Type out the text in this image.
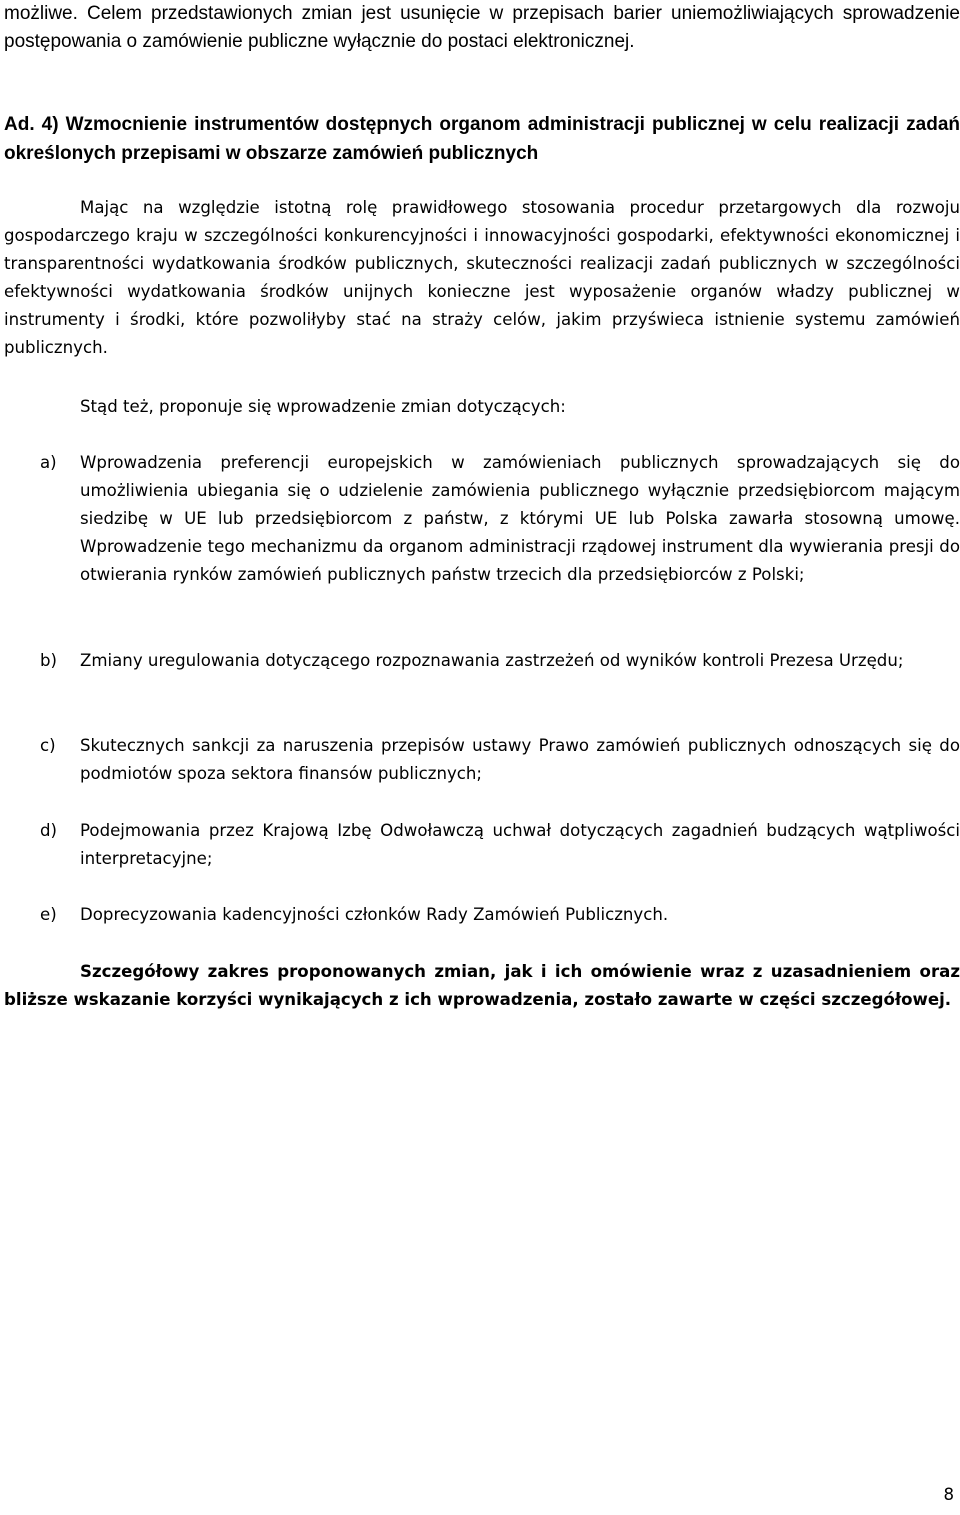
możliwe. Celem przedstawionych zmian jest usunięcie w przepisach barier uniemożliwiających sprowadzenie postępowania o zamówienie publiczne wyłącznie do postaci elektronicznej.

Ad. 4) Wzmocnienie instrumentów dostępnych organom administracji publicznej w celu realizacji zadań określonych przepisami w obszarze zamówień publicznych

Mając na względzie istotną rolę prawidłowego stosowania procedur przetargowych dla rozwoju gospodarczego kraju w szczególności konkurencyjności i innowacyjności gospodarki, efektywności ekonomicznej i transparentności wydatkowania środków publicznych, skuteczności realizacji zadań publicznych w szczególności efektywności wydatkowania środków unijnych konieczne jest wyposażenie organów władzy publicznej w instrumenty i środki, które pozwoliłyby stać na straży celów, jakim przyświeca istnienie systemu zamówień publicznych.

Stąd też, proponuje się wprowadzenie zmian dotyczących:

a)	Wprowadzenia preferencji europejskich w zamówieniach publicznych sprowadzających się do umożliwienia ubiegania się o udzielenie zamówienia publicznego wyłącznie przedsiębiorcom mającym siedzibę w UE lub przedsiębiorcom z państw, z którymi UE lub Polska zawarła stosowną umowę. Wprowadzenie tego mechanizmu da organom administracji rządowej instrument dla wywierania presji do otwierania rynków zamówień publicznych państw trzecich dla przedsiębiorców z Polski;
b)	Zmiany uregulowania dotyczącego rozpoznawania zastrzeżeń od wyników kontroli Prezesa Urzędu;
c)	Skutecznych sankcji za naruszenia przepisów ustawy Prawo zamówień publicznych odnoszących się do podmiotów spoza sektora finansów publicznych;
d)	Podejmowania przez Krajową Izbę Odwoławczą uchwał dotyczących zagadnień budzących wątpliwości interpretacyjne;
e)	Doprecyzowania kadencyjności członków Rady Zamówień Publicznych.

Szczegółowy zakres proponowanych zmian, jak i ich omówienie wraz z uzasadnieniem oraz bliższe wskazanie korzyści wynikających z ich wprowadzenia, zostało zawarte w części szczegółowej.

8
